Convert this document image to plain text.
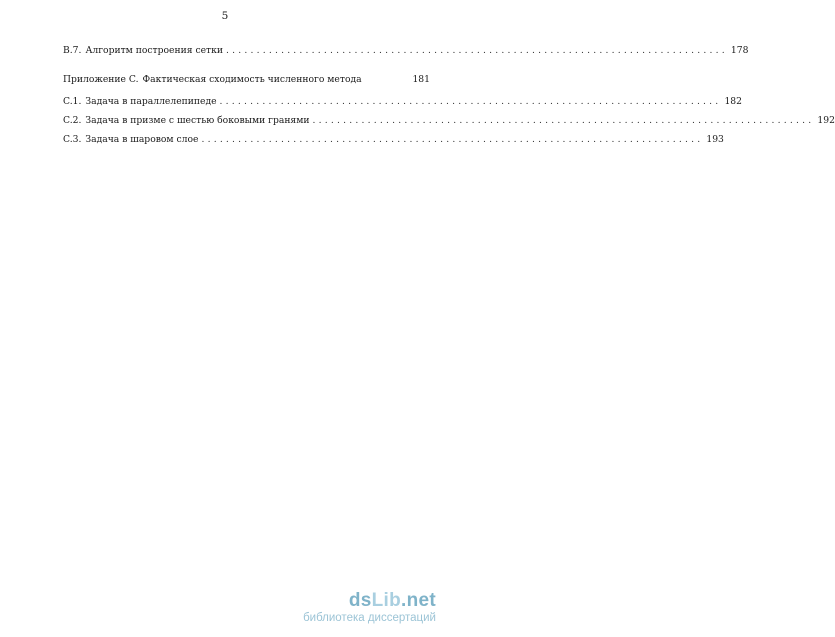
5
B.7. Алгоритм построения сетки .................................................................................. 178
Приложение C. Фактическая сходимость численного метода	181
C.1. Задача в параллелепипеде .................................................................................. 182
C.2. Задача в призме с шестью боковыми гранями .................................................................................. 192
C.3. Задача в шаровом слое .................................................................................. 193
dsLib.net
библиотека диссертаций
